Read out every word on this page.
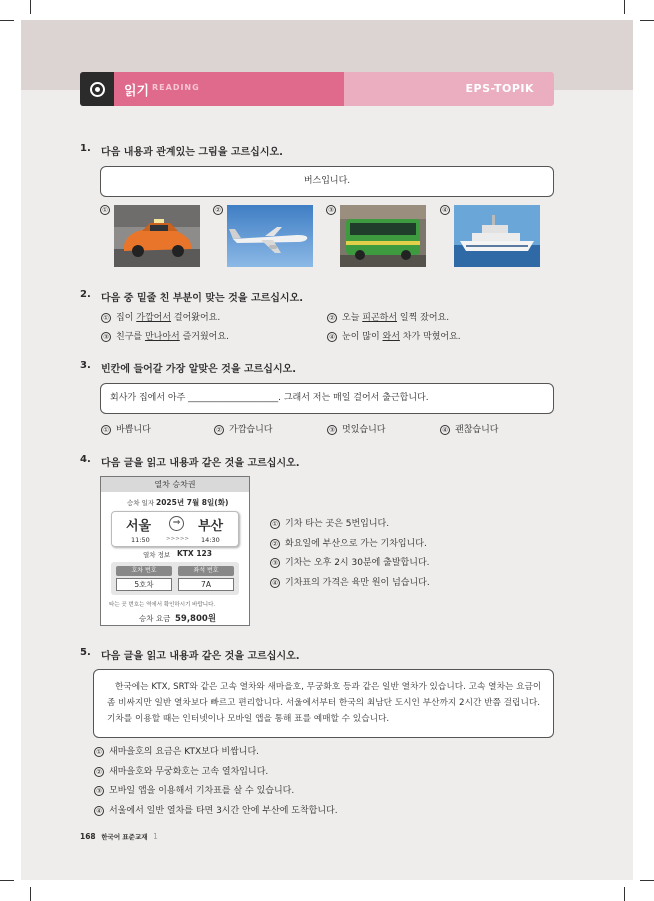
읽기 READING	EPS-TOPIK
1. 다음 내용과 관계있는 그림을 고르십시오.
버스입니다.
①	②	③	④
2. 다음 중 밑줄 친 부분이 맞는 것을 고르십시오.
① 집이 가깝어서 걸어왔어요.	② 오늘 피곤하서 일찍 잤어요.
③ 친구를 만나아서 즐거웠어요.	④ 눈이 많이 와서 차가 막혔어요.
3. 빈칸에 들어갈 가장 알맞은 것을 고르십시오.
회사가 집에서 아주 ____________________. 그래서 저는 매일 걸어서 출근합니다.
① 바쁩니다	② 가깝습니다	③ 멋있습니다	④ 괜찮습니다
4. 다음 글을 읽고 내용과 같은 것을 고르십시오.
열차 승차권
승차 일자 2025년 7월 8일(화)
서울	⇒ 부산
11:50	>>>>> 14:30
열차 정보 KTX 123
호차 번호	좌석 번호
5호차	7A
타는 곳 번호는 역에서 확인하시기 바랍니다.
승차 요금 59,800원
① 기차 타는 곳은 5번입니다.
② 화요일에 부산으로 가는 기차입니다.
③ 기차는 오후 2시 30분에 출발합니다.
④ 기차표의 가격은 육만 원이 넘습니다.
5. 다음 글을 읽고 내용과 같은 것을 고르십시오.
한국에는 KTX, SRT와 같은 고속 열차와 새마을호, 무궁화호 등과 같은 일반 열차가 있습니다. 고속 열차는 요금이 좀 비싸지만 일반 열차보다 빠르고 편리합니다. 서울에서부터 한국의 최남단 도시인 부산까지 2시간 반쯤 걸립니다. 기차를 이용할 때는 인터넷이나 모바일 앱을 통해 표를 예매할 수 있습니다.
① 새마을호의 요금은 KTX보다 비쌉니다.
② 새마을호와 무궁화호는 고속 열차입니다.
③ 모바일 앱을 이용해서 기차표를 살 수 있습니다.
④ 서울에서 일반 열차를 타면 3시간 안에 부산에 도착합니다.
168 한국어 표준교재 1
